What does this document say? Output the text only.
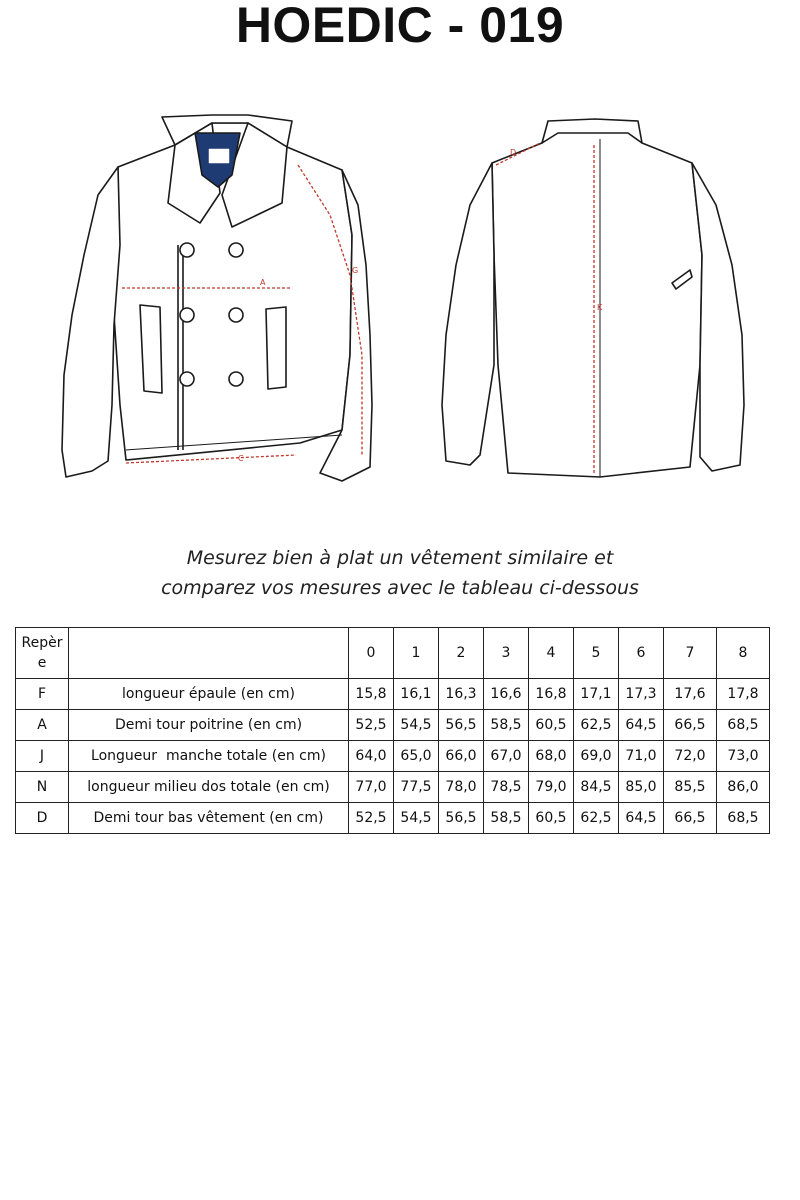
HOEDIC - 019
A
C
G
D
K
Mesurez bien à plat un vêtement similaire et
comparez vos mesures avec le tableau ci-dessous
Repère		0	1	2	3	4	5	6	7	8
F	longueur épaule (en cm)	15,8	16,1	16,3	16,6	16,8	17,1	17,3	17,6	17,8
A	Demi tour poitrine (en cm)	52,5	54,5	56,5	58,5	60,5	62,5	64,5	66,5	68,5
J	Longueur  manche totale (en cm)	64,0	65,0	66,0	67,0	68,0	69,0	71,0	72,0	73,0
N	longueur milieu dos totale (en cm)	77,0	77,5	78,0	78,5	79,0	84,5	85,0	85,5	86,0
D	Demi tour bas vêtement (en cm)	52,5	54,5	56,5	58,5	60,5	62,5	64,5	66,5	68,5
